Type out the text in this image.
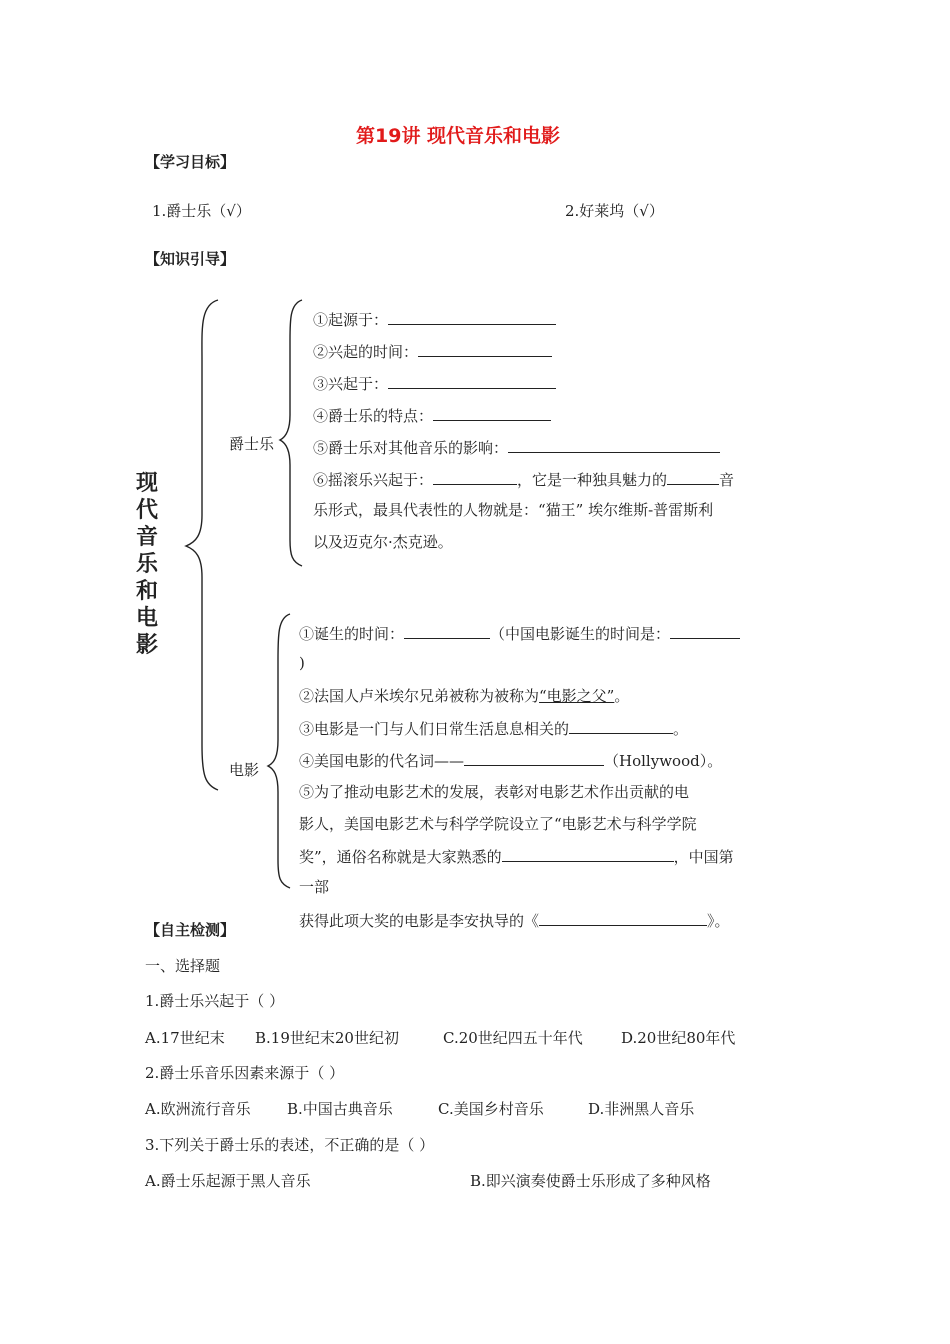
第19讲 现代音乐和电影
【学习目标】
1.爵士乐（√）	2.好莱坞（√）
【知识引导】
现代音乐和电影
爵士乐
①起源于：
②兴起的时间：
③兴起于：
④爵士乐的特点：
⑤爵士乐对其他音乐的影响：
⑥摇滚乐兴起于：	，它是一种独具魅力的	音
乐形式，最具代表性的人物就是：“猫王” 埃尔维斯-普雷斯利
以及迈克尔·杰克逊。
电影
①诞生的时间：	（中国电影诞生的时间是：
)
②法国人卢米埃尔兄弟被称为被称为“电影之父”。
③电影是一门与人们日常生活息息相关的	。
④美国电影的代名词——	（Hollywood）。
⑤为了推动电影艺术的发展，表彰对电影艺术作出贡献的电
影人，美国电影艺术与科学学院设立了“电影艺术与科学学院
奖”，通俗名称就是大家熟悉的	，中国第
一部
获得此项大奖的电影是李安执导的《	》。
【自主检测】
一、选择题
1.爵士乐兴起于（ ）
A.17世纪末 B.19世纪末20世纪初	C.20世纪四五十年代	D.20世纪80年代
2.爵士乐音乐因素来源于（ ）
A.欧洲流行音乐 B.中国古典音乐	C.美国乡村音乐	D.非洲黑人音乐
3.下列关于爵士乐的表述，不正确的是（ ）
A.爵士乐起源于黑人音乐	B.即兴演奏使爵士乐形成了多种风格
